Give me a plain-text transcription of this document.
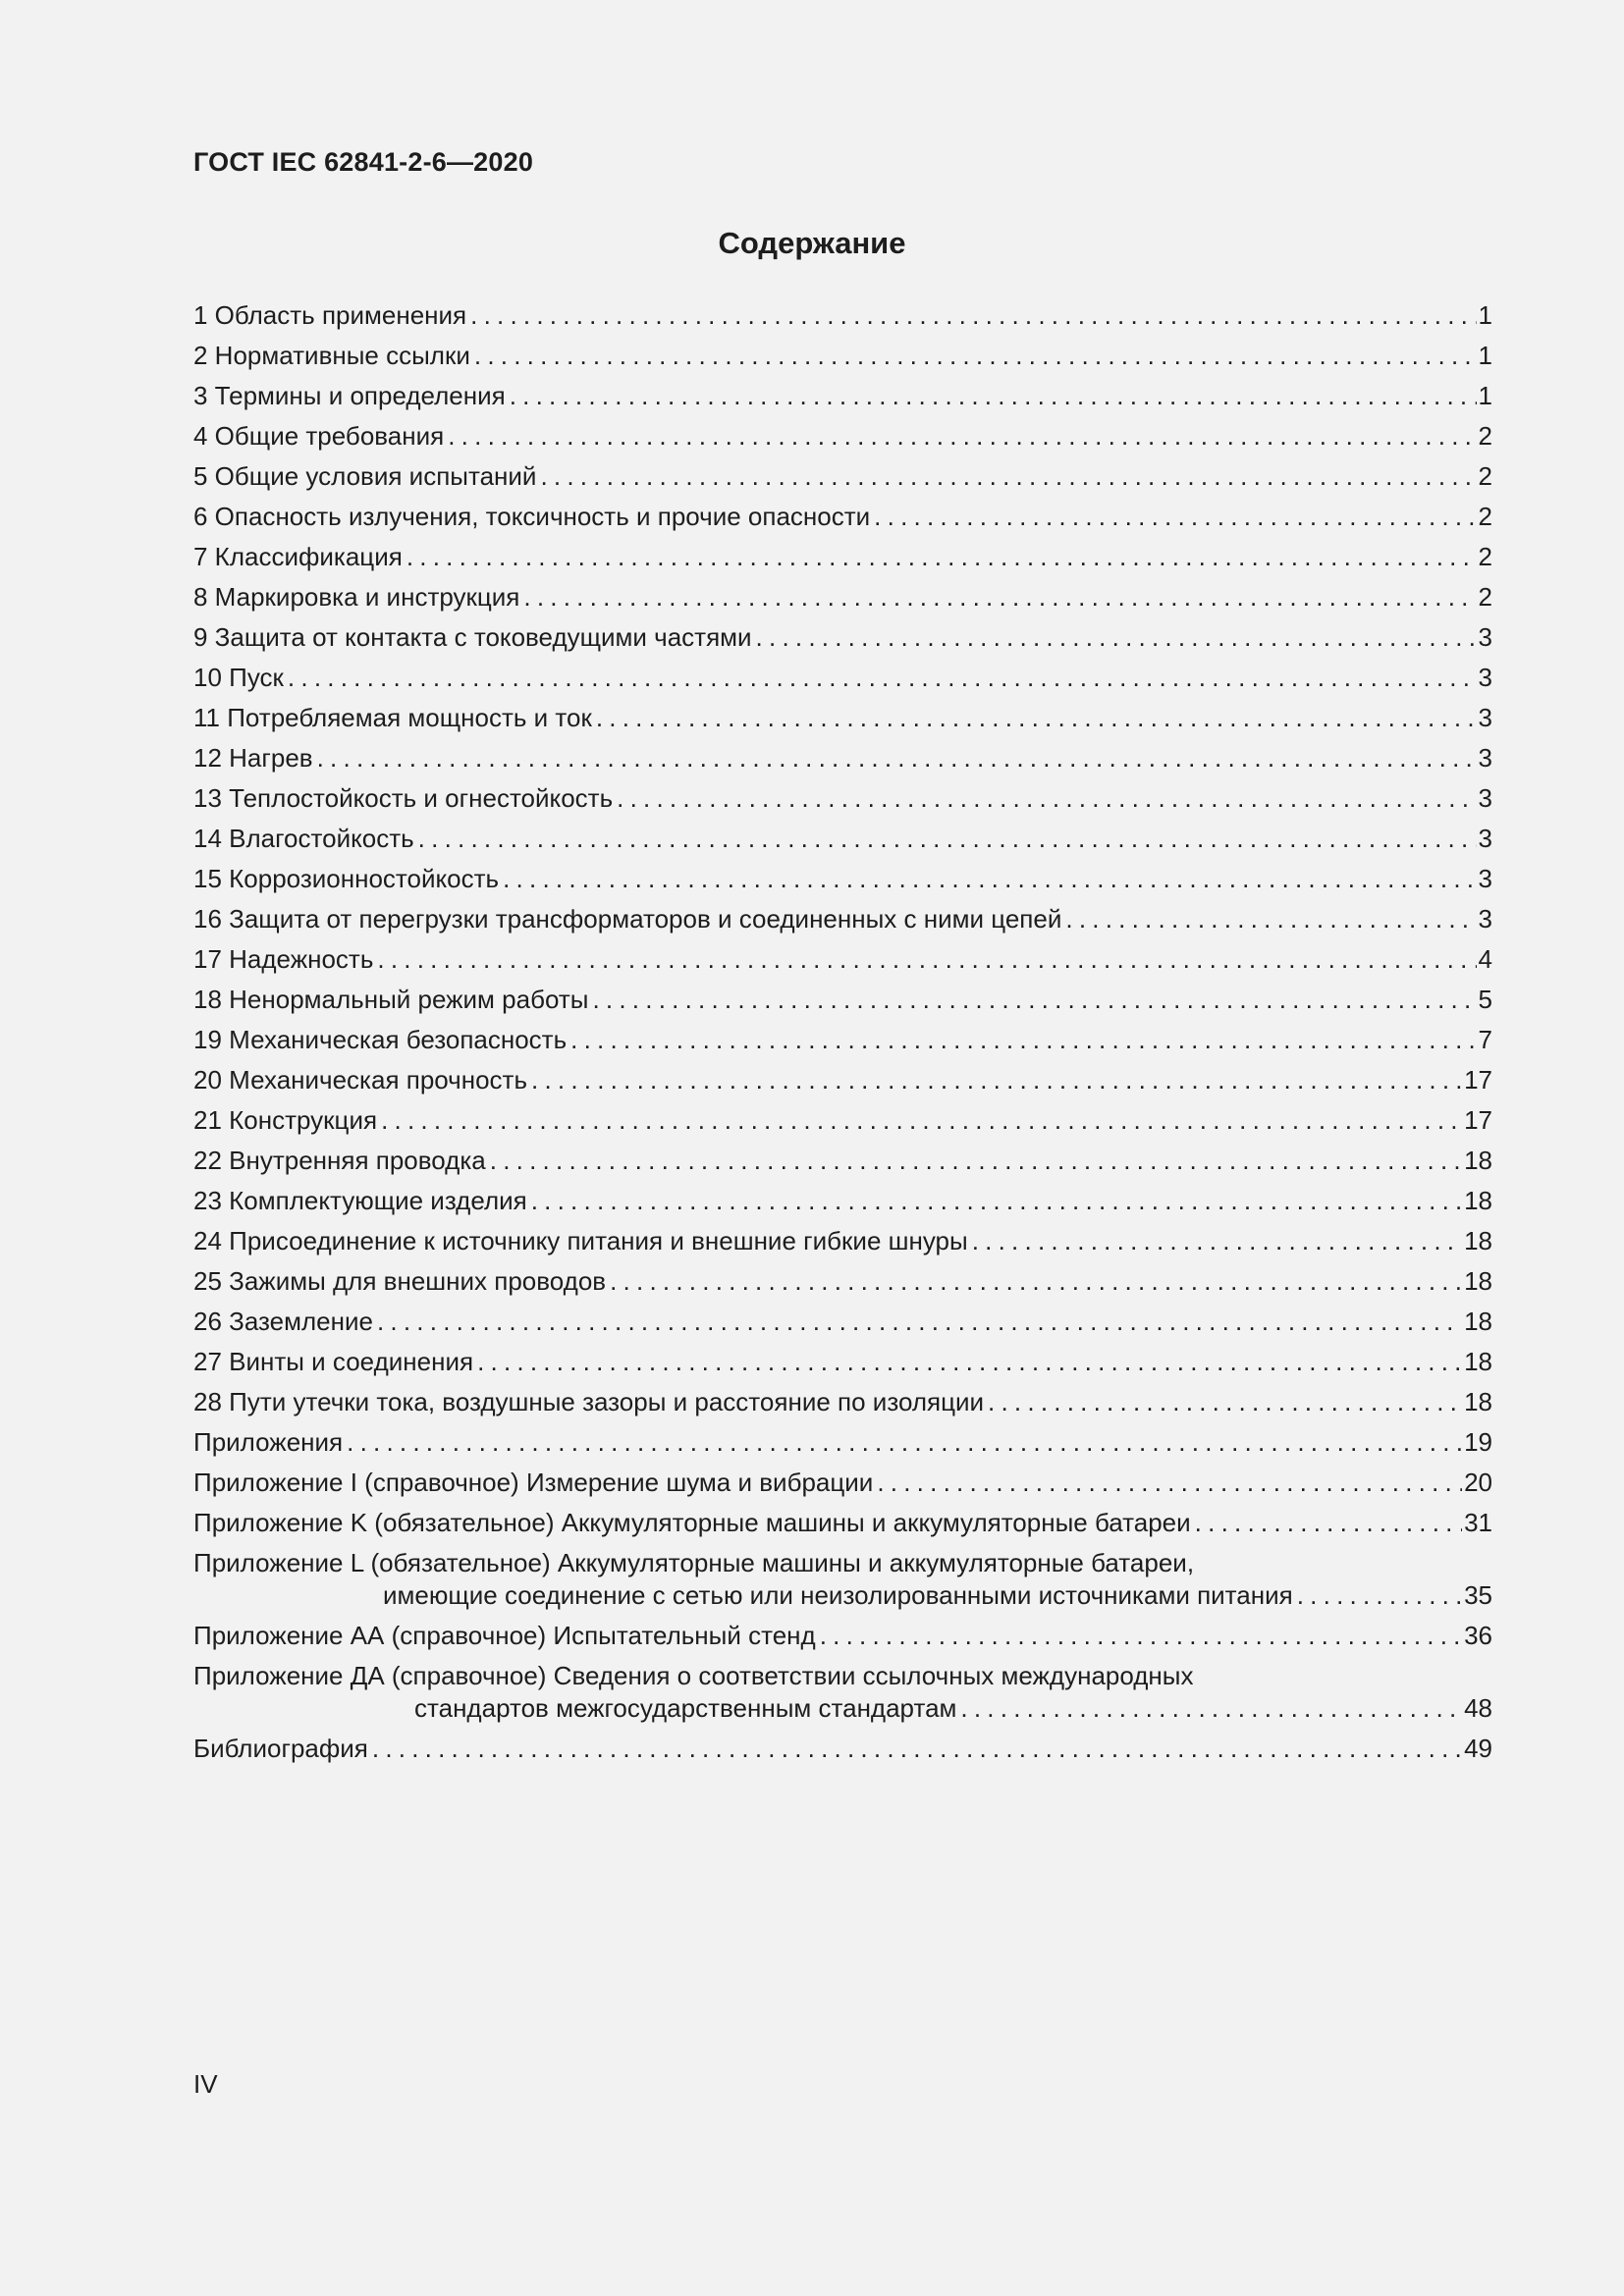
ГОСТ IEC 62841-2-6—2020
Содержание
1 Область применения . . .	1
2 Нормативные ссылки . . .	1
3 Термины и определения . . .	1
4 Общие требования . . .	2
5 Общие условия испытаний . . .	2
6 Опасность излучения, токсичность и прочие опасности . . .	2
7 Классификация . . .	2
8 Маркировка и инструкция . . .	2
9 Защита от контакта с токоведущими частями . . .	3
10 Пуск . . .	3
11 Потребляемая мощность и ток . . .	3
12 Нагрев . . .	3
13 Теплостойкость и огнестойкость . . .	3
14 Влагостойкость . . .	3
15 Коррозионностойкость . . .	3
16 Защита от перегрузки трансформаторов и соединенных с ними цепей . . .	3
17 Надежность . . .	4
18 Ненормальный режим работы . . .	5
19 Механическая безопасность . . .	7
20 Механическая прочность . . .	17
21 Конструкция . . .	17
22 Внутренняя проводка . . .	18
23 Комплектующие изделия . . .	18
24 Присоединение к источнику питания и внешние гибкие шнуры . . .	18
25 Зажимы для внешних проводов . . .	18
26 Заземление . . .	18
27 Винты и соединения . . .	18
28 Пути утечки тока, воздушные зазоры и расстояние по изоляции . . .	18
Приложения . . .	19
Приложение I (справочное) Измерение шума и вибрации . . .	20
Приложение K (обязательное) Аккумуляторные машины и аккумуляторные батареи . . .	31
Приложение L (обязательное) Аккумуляторные машины и аккумуляторные батареи,
имеющие соединение с сетью или неизолированными источниками питания . . .	35
Приложение АА (справочное) Испытательный стенд . . .	36
Приложение ДА (справочное) Сведения о соответствии ссылочных международных
стандартов межгосударственным стандартам . . .	48
Библиография . . .	49
IV
